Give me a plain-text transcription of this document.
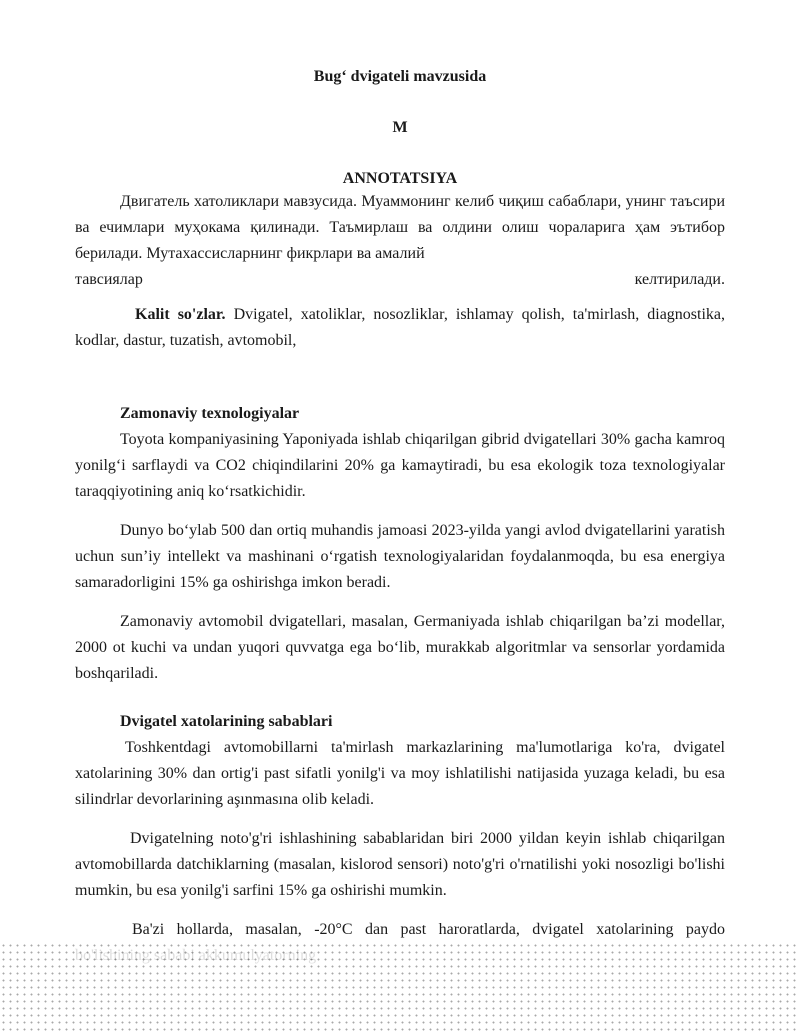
Bug‘ dvigateli mavzusida
M
ANNOTATSIYA

Двигатель хатоликлари мавзусида. Муаммонинг келиб чиқиш сабаблари, унинг таъсири ва ечимлари муҳокама қилинади. Таъмирлаш ва олдини олиш чораларига ҳам эътибор берилади. Мутахассисларнинг фикрлари ва амалий

тавсиялар	келтирилади.

Kalit so'zlar. Dvigatel, xatoliklar, nosozliklar, ishlamay qolish, ta'mirlash, diagnostika, kodlar, dastur, tuzatish, avtomobil,

Zamonaviy texnologiyalar

Toyota kompaniyasining Yaponiyada ishlab chiqarilgan gibrid dvigatellari 30% gacha kamroq yonilg‘i sarflaydi va CO2 chiqindilarini 20% ga kamaytiradi, bu esa ekologik toza texnologiyalar taraqqiyotining aniq ko‘rsatkichidir.

Dunyo bo‘ylab 500 dan ortiq muhandis jamoasi 2023-yilda yangi avlod dvigatellarini yaratish uchun sun’iy intellekt va mashinani o‘rgatish texnologiyalaridan foydalanmoqda, bu esa energiya samaradorligini 15% ga oshirishga imkon beradi.

Zamonaviy avtomobil dvigatellari, masalan, Germaniyada ishlab chiqarilgan ba’zi modellar, 2000 ot kuchi va undan yuqori quvvatga ega bo‘lib, murakkab algoritmlar va sensorlar yordamida boshqariladi.

Dvigatel xatolarining sabablari

Toshkentdagi avtomobillarni ta'mirlash markazlarining ma'lumotlariga ko'ra, dvigatel xatolarining 30% dan ortig'i past sifatli yonilg'i va moy ishlatilishi natijasida yuzaga keladi, bu esa silindrlar devorlarining aşınmasına olib keladi.

Dvigatelning noto'g'ri ishlashining sabablaridan biri 2000 yildan keyin ishlab chiqarilgan avtomobillarda datchiklarning (masalan, kislorod sensori) noto'g'ri o'rnatilishi yoki nosozligi bo'lishi mumkin, bu esa yonilg'i sarfini 15% ga oshirishi mumkin.

Ba'zi hollarda, masalan, -20°C dan past haroratlarda, dvigatel xatolarining paydo
